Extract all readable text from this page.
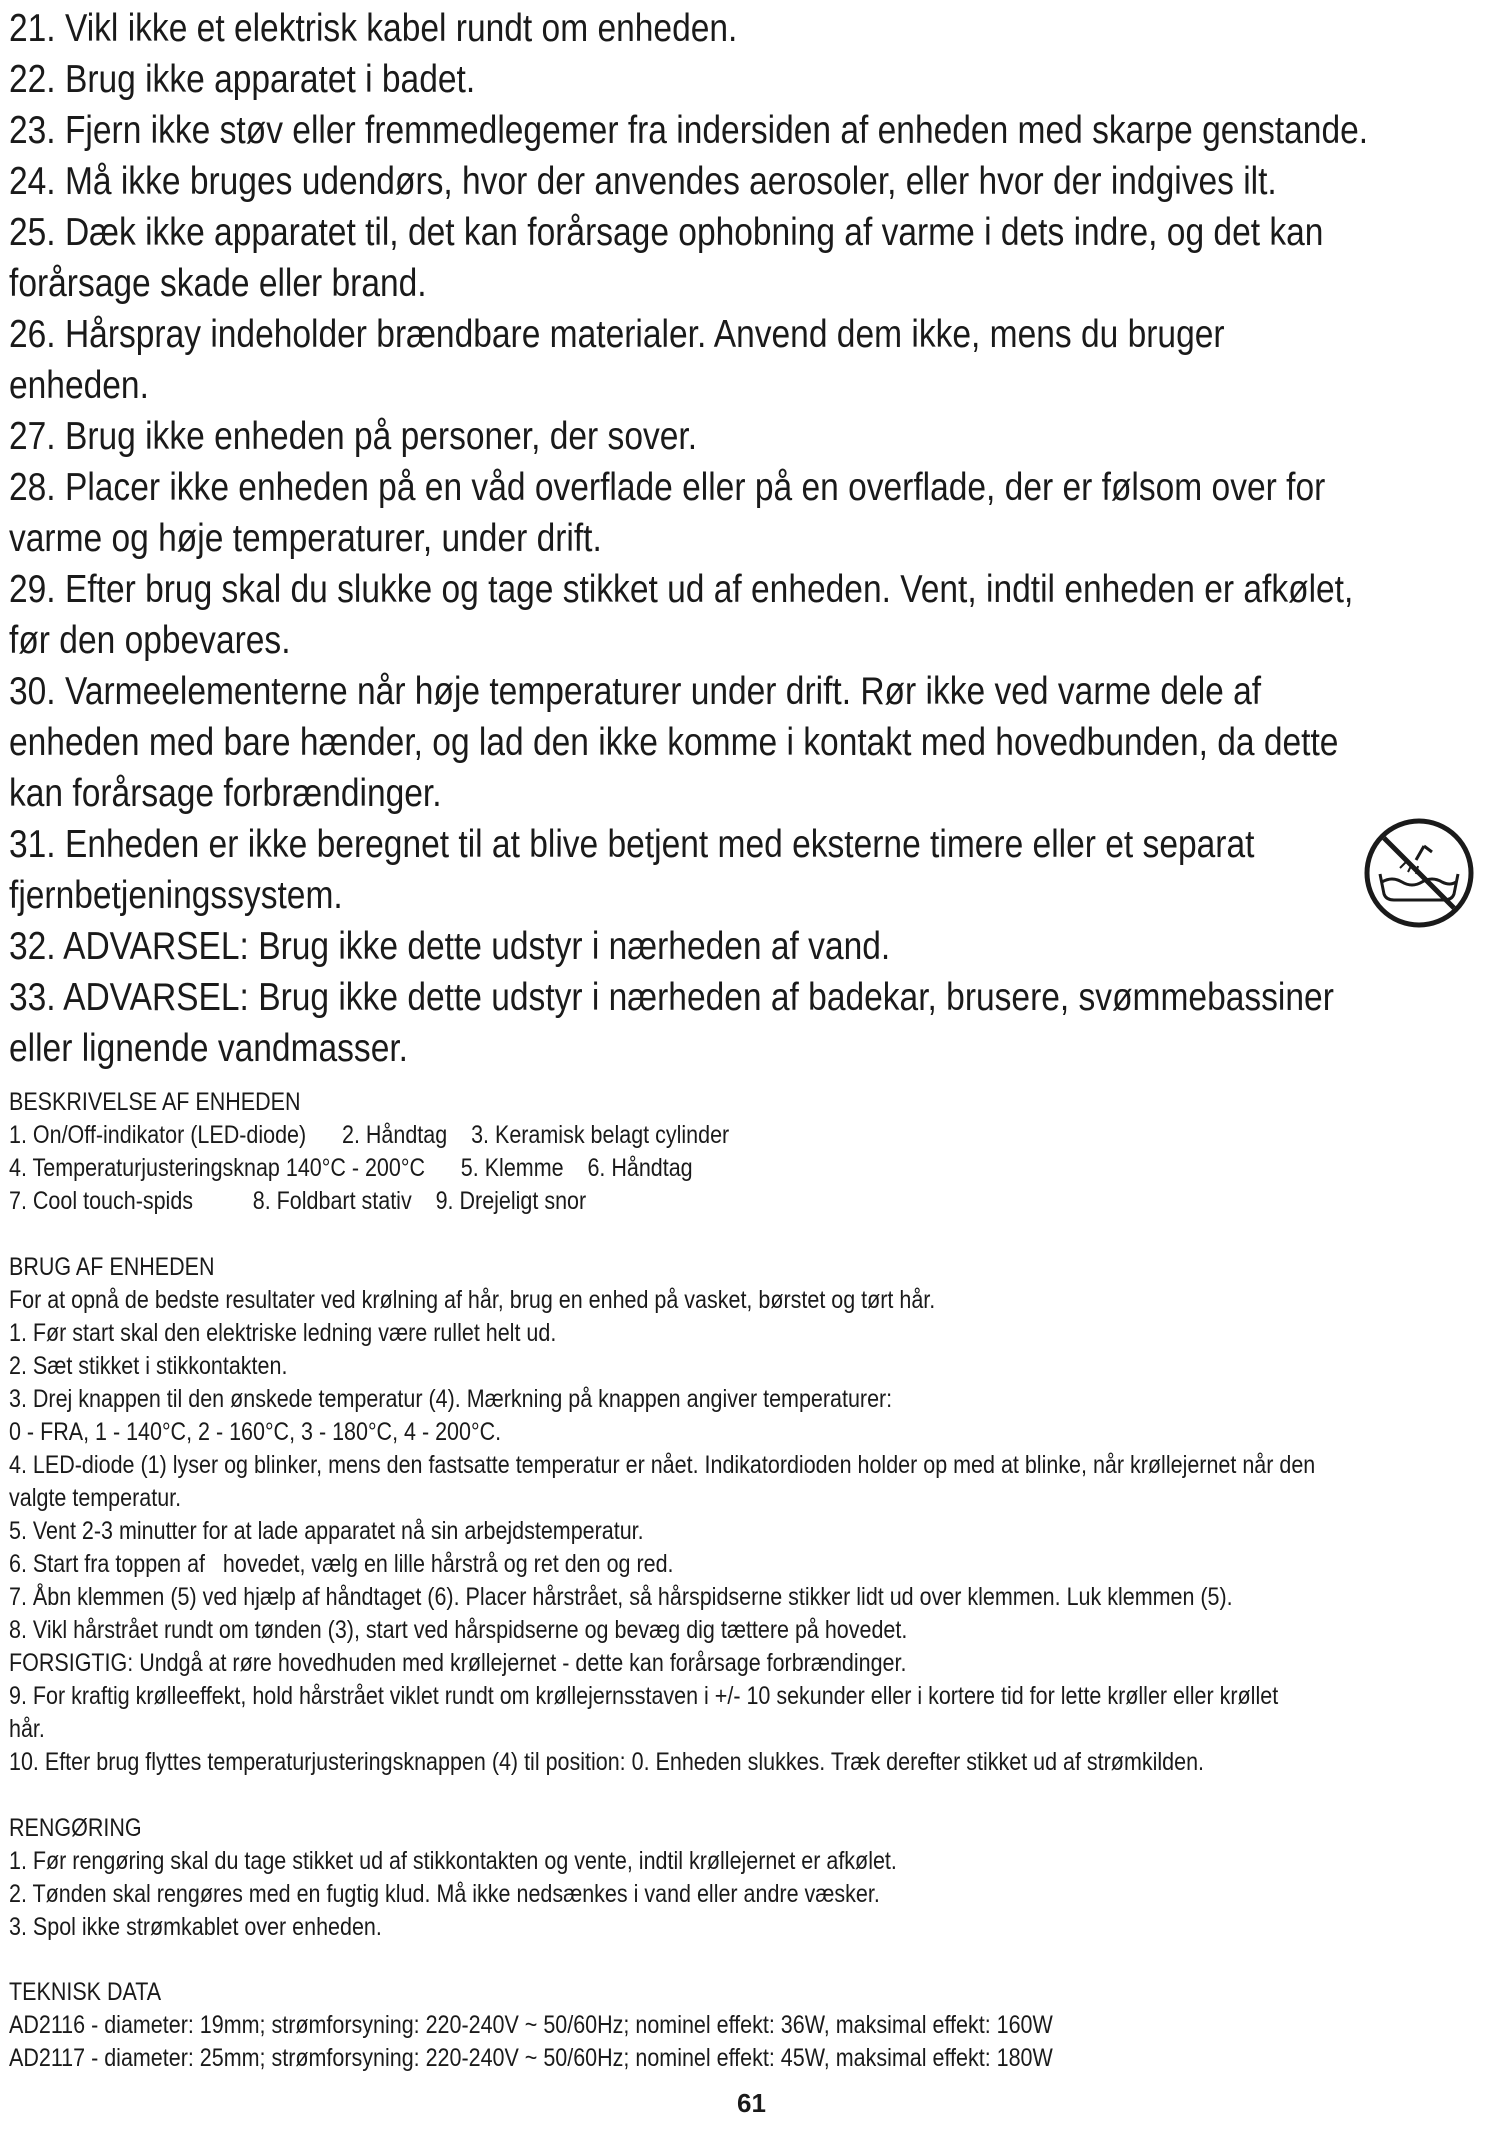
21. Vikl ikke et elektrisk kabel rundt om enheden.
22. Brug ikke apparatet i badet.
23. Fjern ikke støv eller fremmedlegemer fra indersiden af enheden med skarpe genstande.
24. Må ikke bruges udendørs, hvor der anvendes aerosoler, eller hvor der indgives ilt.
25. Dæk ikke apparatet til, det kan forårsage ophobning af varme i dets indre, og det kan
forårsage skade eller brand.
26. Hårspray indeholder brændbare materialer. Anvend dem ikke, mens du bruger
enheden.
27. Brug ikke enheden på personer, der sover.
28. Placer ikke enheden på en våd overflade eller på en overflade, der er følsom over for
varme og høje temperaturer, under drift.
29. Efter brug skal du slukke og tage stikket ud af enheden. Vent, indtil enheden er afkølet,
før den opbevares.
30. Varmeelementerne når høje temperaturer under drift. Rør ikke ved varme dele af
enheden med bare hænder, og lad den ikke komme i kontakt med hovedbunden, da dette
kan forårsage forbrændinger.
31. Enheden er ikke beregnet til at blive betjent med eksterne timere eller et separat
fjernbetjeningssystem.
32. ADVARSEL: Brug ikke dette udstyr i nærheden af vand.
33. ADVARSEL: Brug ikke dette udstyr i nærheden af badekar, brusere, svømmebassiner
eller lignende vandmasser.
BESKRIVELSE AF ENHEDEN
1. On/Off-indikator (LED-diode)      2. Håndtag    3. Keramisk belagt cylinder
4. Temperaturjusteringsknap 140°C - 200°C      5. Klemme    6. Håndtag
7. Cool touch-spids          8. Foldbart stativ    9. Drejeligt snor
BRUG AF ENHEDEN
For at opnå de bedste resultater ved krølning af hår, brug en enhed på vasket, børstet og tørt hår.
1. Før start skal den elektriske ledning være rullet helt ud.
2. Sæt stikket i stikkontakten.
3. Drej knappen til den ønskede temperatur (4). Mærkning på knappen angiver temperaturer:
0 - FRA, 1 - 140°C, 2 - 160°C, 3 - 180°C, 4 - 200°C.
4. LED-diode (1) lyser og blinker, mens den fastsatte temperatur er nået. Indikatordioden holder op med at blinke, når krøllejernet når den
valgte temperatur.
5. Vent 2-3 minutter for at lade apparatet nå sin arbejdstemperatur.
6. Start fra toppen af   hovedet, vælg en lille hårstrå og ret den og red.
7. Åbn klemmen (5) ved hjælp af håndtaget (6). Placer hårstrået, så hårspidserne stikker lidt ud over klemmen. Luk klemmen (5).
8. Vikl hårstrået rundt om tønden (3), start ved hårspidserne og bevæg dig tættere på hovedet.
FORSIGTIG: Undgå at røre hovedhuden med krøllejernet - dette kan forårsage forbrændinger.
9. For kraftig krølleeffekt, hold hårstrået viklet rundt om krøllejernsstaven i +/- 10 sekunder eller i kortere tid for lette krøller eller krøllet
hår.
10. Efter brug flyttes temperaturjusteringsknappen (4) til position: 0. Enheden slukkes. Træk derefter stikket ud af strømkilden.
RENGØRING
1. Før rengøring skal du tage stikket ud af stikkontakten og vente, indtil krøllejernet er afkølet.
2. Tønden skal rengøres med en fugtig klud. Må ikke nedsænkes i vand eller andre væsker.
3. Spol ikke strømkablet over enheden.
TEKNISK DATA
AD2116 - diameter: 19mm; strømforsyning: 220-240V ~ 50/60Hz; nominel effekt: 36W, maksimal effekt: 160W
AD2117 - diameter: 25mm; strømforsyning: 220-240V ~ 50/60Hz; nominel effekt: 45W, maksimal effekt: 180W
61
